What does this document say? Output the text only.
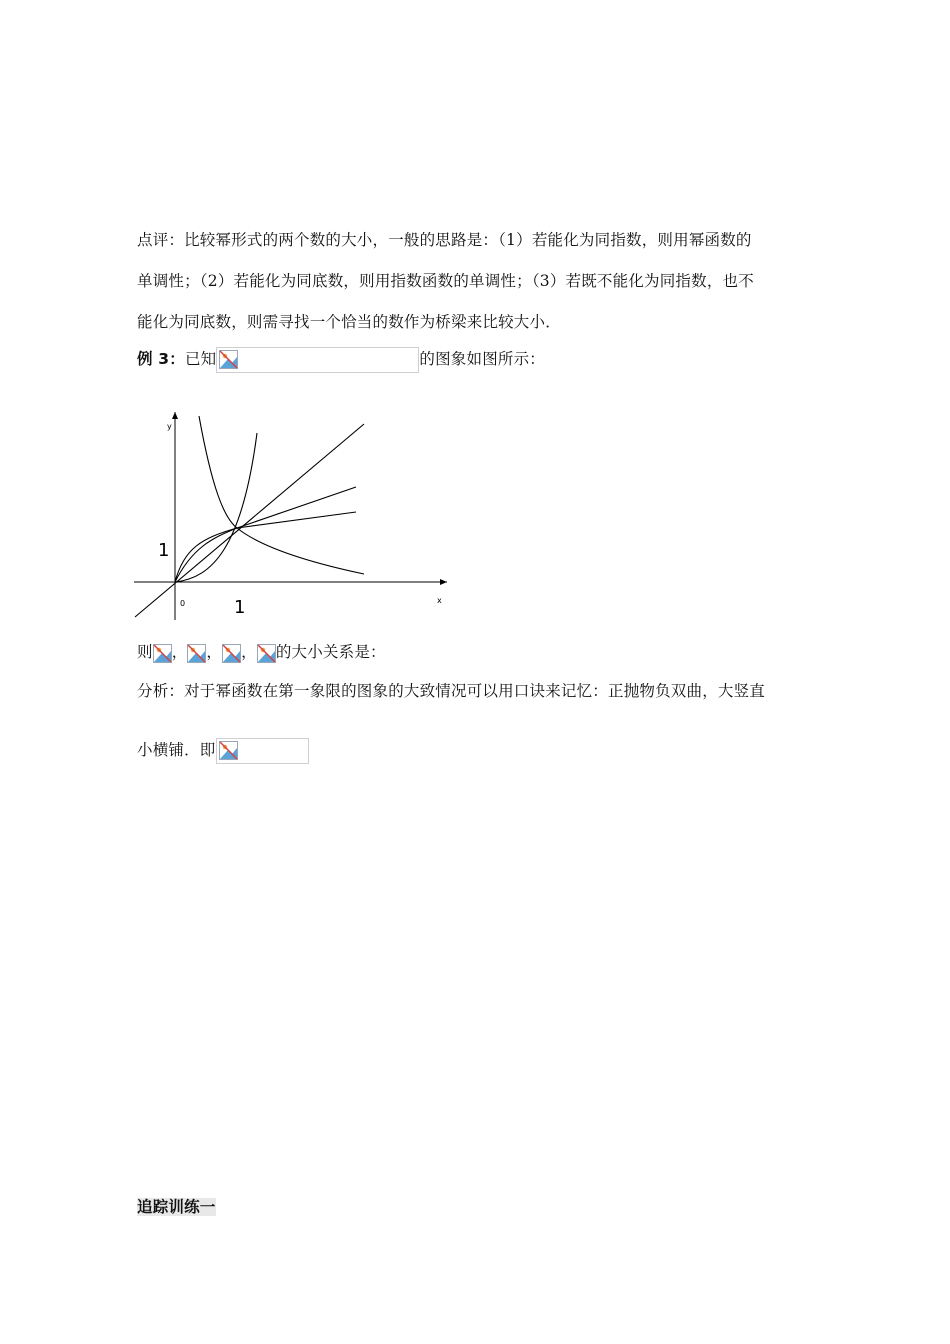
点评：比较幂形式的两个数的大小，一般的思路是：（1）若能化为同指数，则用幂函数的
单调性；（2）若能化为同底数，则用指数函数的单调性；（3）若既不能化为同指数，也不
能化为同底数，则需寻找一个恰当的数作为桥梁来比较大小．
例 3：已知	的图象如图所示：
y
x
0
1
1
则 ， ， ， 的大小关系是：
分析：对于幂函数在第一象限的图象的大致情况可以用口诀来记忆：正抛物负双曲，大竖直
小横铺．即
追踪训练一
